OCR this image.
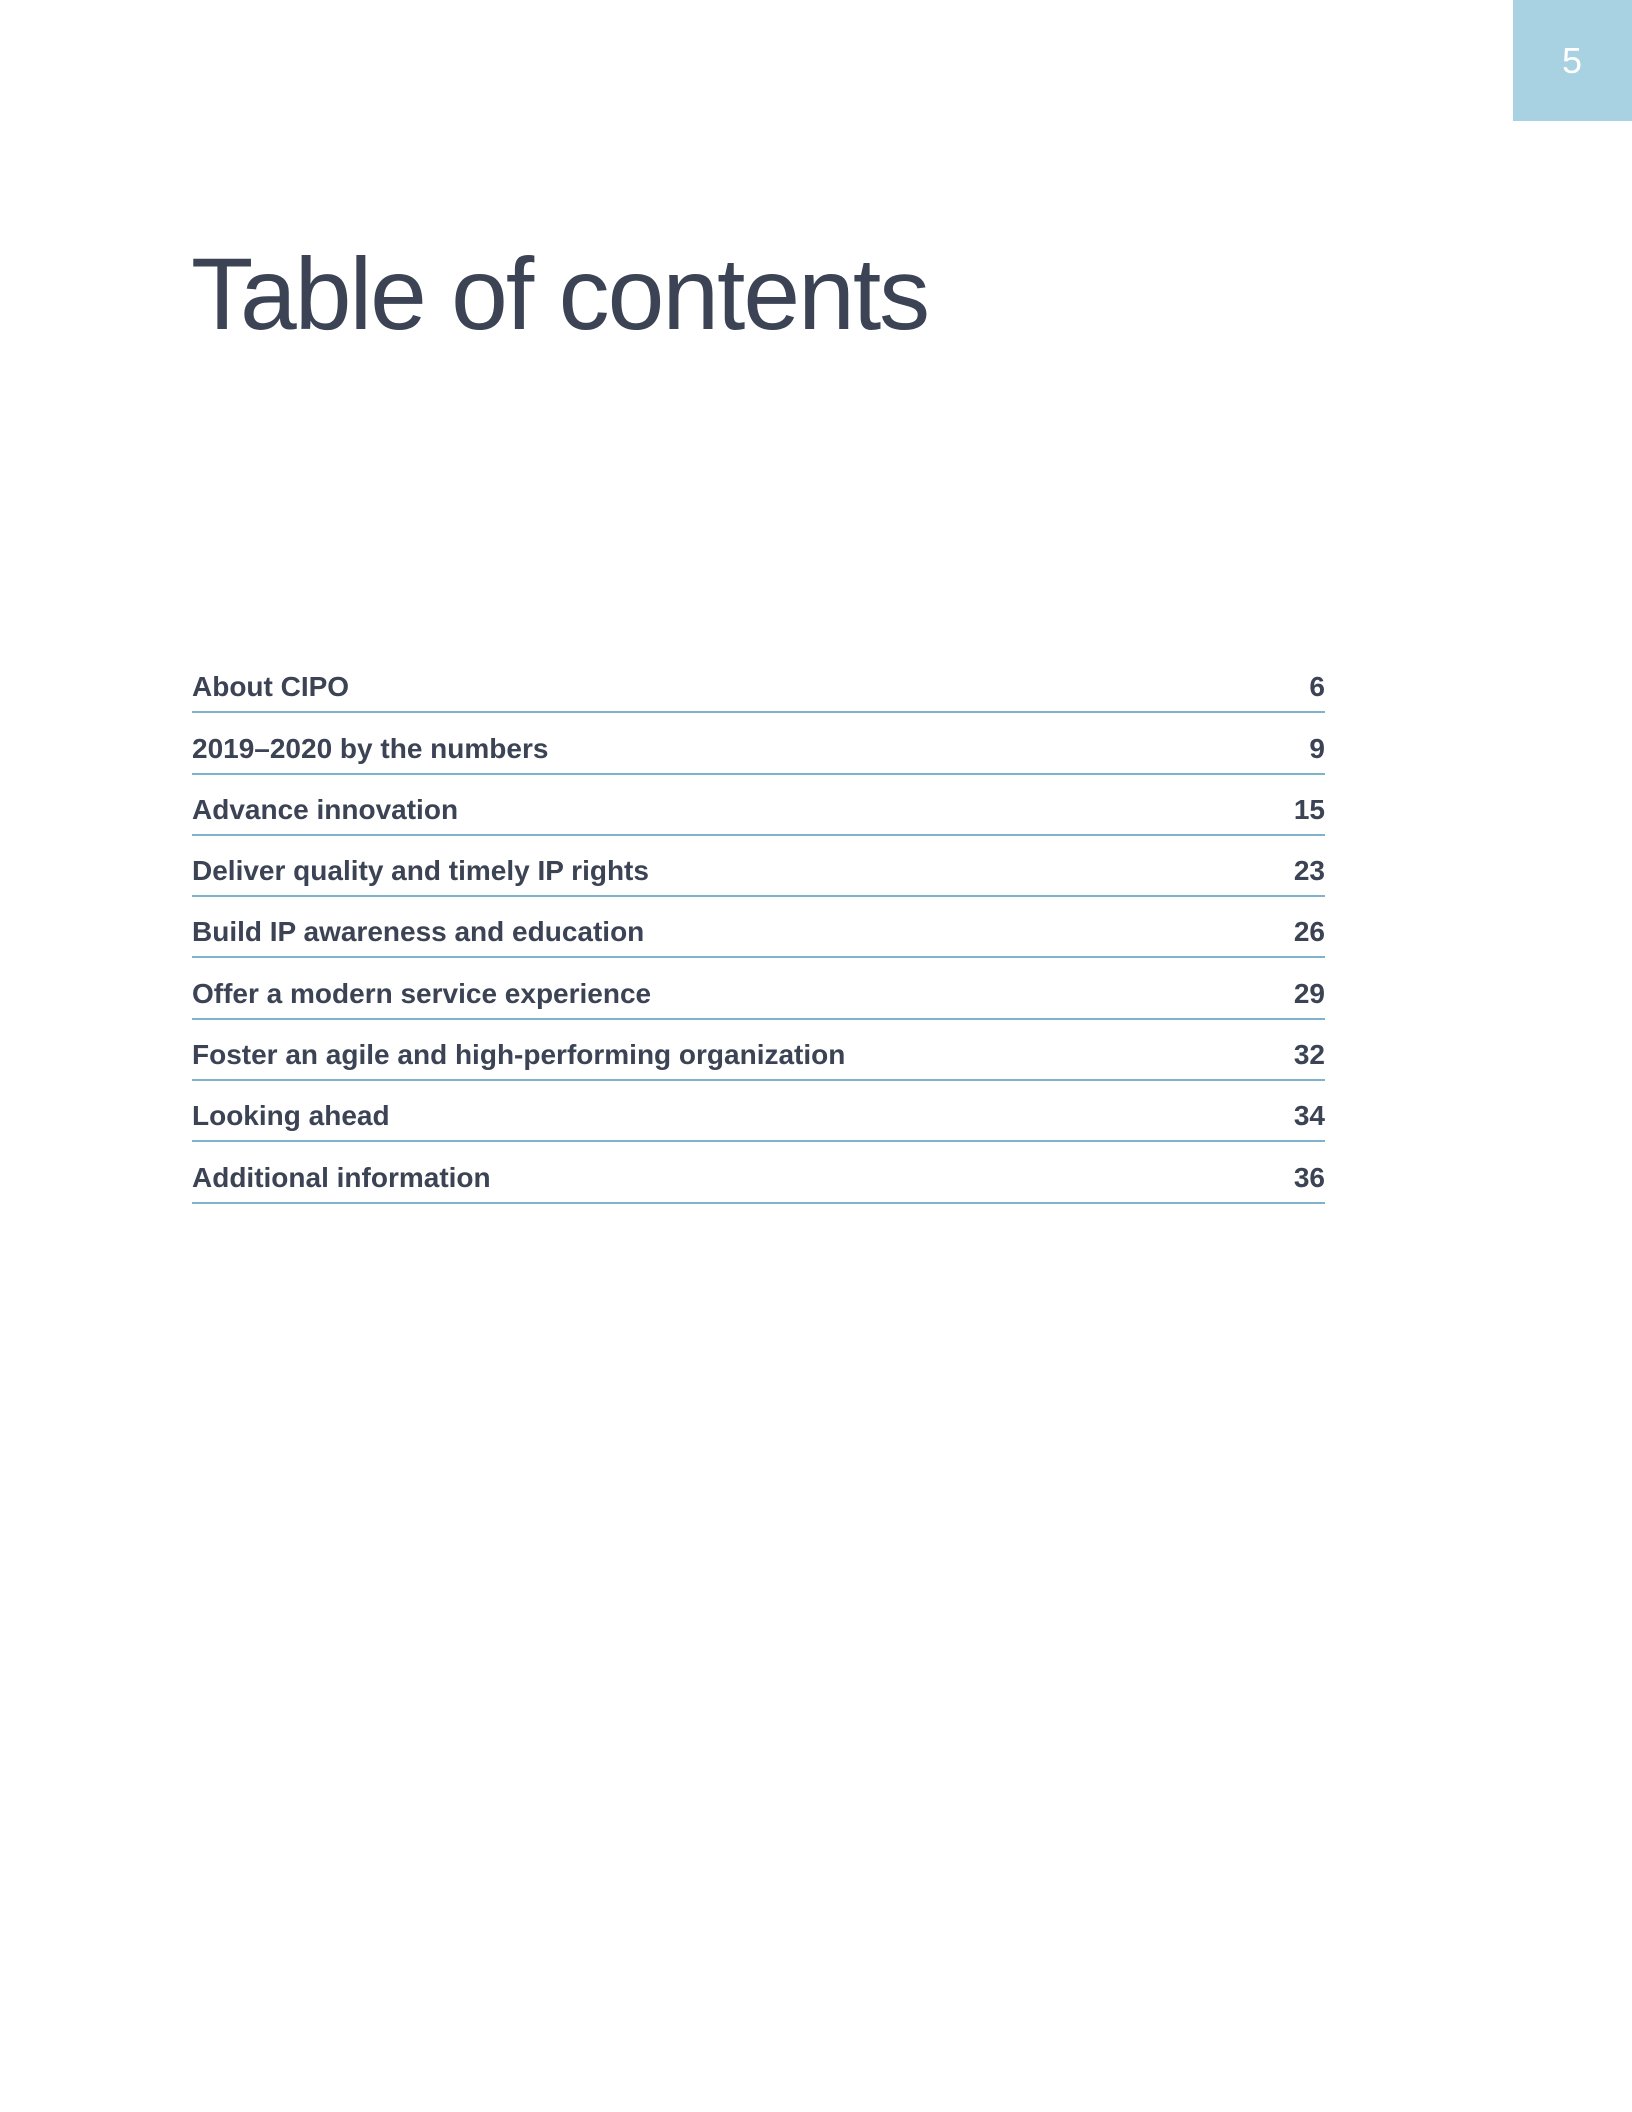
5
Table of contents
About CIPO	6
2019–2020 by the numbers	9
Advance innovation	15
Deliver quality and timely IP rights	23
Build IP awareness and education	26
Offer a modern service experience	29
Foster an agile and high-performing organization	32
Looking ahead	34
Additional information	36
